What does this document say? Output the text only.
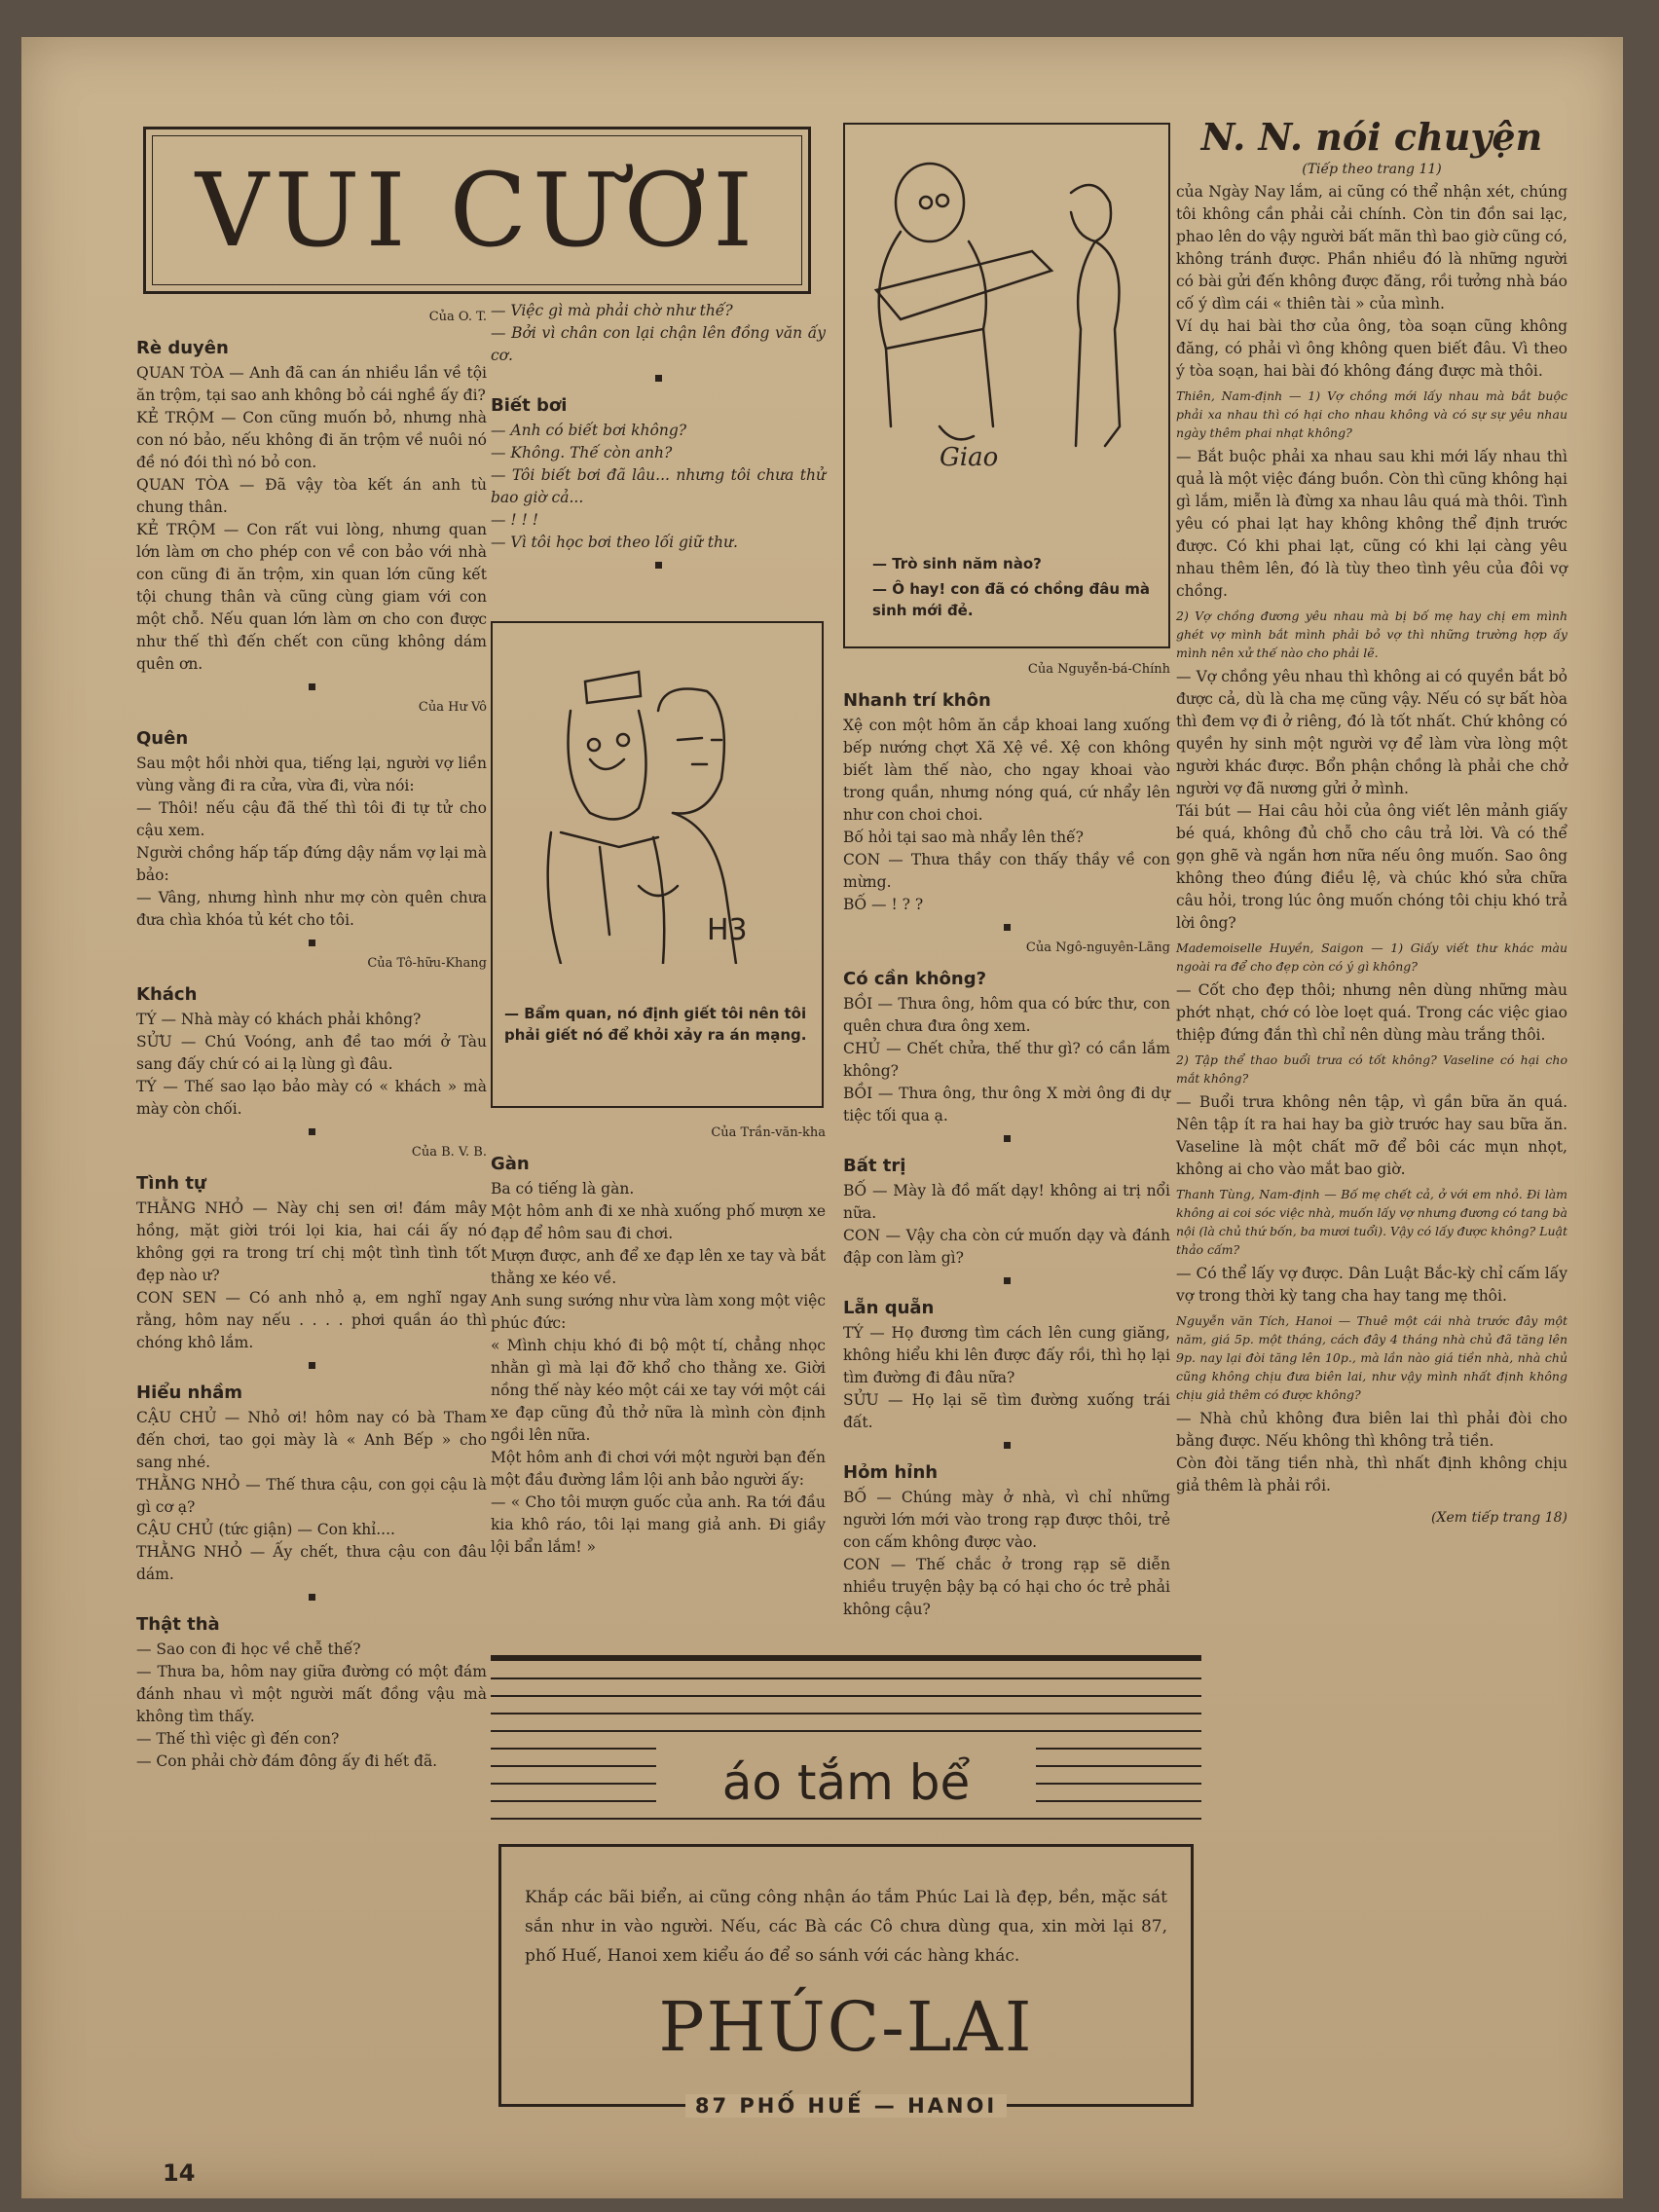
VUI CƯƠI
Của O. T.
Rè duyên

QUAN TÒA — Anh đã can án nhiều lần về tội ăn trộm, tại sao anh không bỏ cái nghề ấy đi?

KẺ TRỘM — Con cũng muốn bỏ, nhưng nhà con nó bảo, nếu không đi ăn trộm về nuôi nó đề nó đói thì nó bỏ con.

QUAN TÒA — Đã vậy tòa kết án anh tù chung thân.

KẺ TRỘM — Con rất vui lòng, nhưng quan lớn làm ơn cho phép con về con bảo với nhà con cũng đi ăn trộm, xin quan lớn cũng kết tội chung thân và cũng cùng giam với con một chỗ. Nếu quan lớn làm ơn cho con được như thế thì đến chết con cũng không dám quên ơn.

Của Hư Vô
Quên

Sau một hồi nhời qua, tiếng lại, người vợ liền vùng vằng đi ra cửa, vừa đi, vừa nói:

— Thôi! nếu cậu đã thế thì tôi đi tự tử cho cậu xem.

Người chồng hấp tấp đứng dậy nắm vợ lại mà bảo:

— Vâng, nhưng hình như mợ còn quên chưa đưa chìa khóa tủ két cho tôi.

Của Tô-hữu-Khang
Khách

TÝ — Nhà mày có khách phải không?

SỬU — Chú Voóng, anh đề tao mới ở Tàu sang đấy chứ có ai lạ lùng gì đâu.

TÝ — Thế sao lạo bảo mày có « khách » mà mày còn chối.

Của B. V. B.
Tình tự

THẰNG NHỎ — Này chị sen ơi! đám mây hồng, mặt giời trói lọi kia, hai cái ấy nó không gợi ra trong trí chị một tình tình tốt đẹp nào ư?

CON SEN — Có anh nhỏ ạ, em nghĩ ngay rằng, hôm nay nếu . . . . phơi quần áo thì chóng khô lắm.

Hiểu nhầm

CẬU CHỦ — Nhỏ ơi! hôm nay có bà Tham đến chơi, tao gọi mày là « Anh Bếp » cho sang nhé.

THẰNG NHỎ — Thế thưa cậu, con gọi cậu là gì cơ ạ?

CẬU CHỦ (tức giận) — Con khỉ....

THẰNG NHỎ — Ấy chết, thưa cậu con đâu dám.

Thật thà

— Sao con đi học về chễ thế?

— Thưa ba, hôm nay giữa đường có một đám đánh nhau vì một người mất đồng vậu mà không tìm thấy.

— Thế thì việc gì đến con?

— Con phải chờ đám đông ấy đi hết đã.

— Việc gì mà phải chờ như thế?

— Bởi vì chân con lại chận lên đồng văn ấy cơ.

Biết bơi

— Anh có biết bơi không?

— Không. Thế còn anh?

— Tôi biết bơi đã lâu... nhưng tôi chưa thử bao giờ cả...

— ! ! !

— Vì tôi học bơi theo lối giữ thư.

H3
— Bẩm quan, nó định giết tôi nên tôi phải giết nó để khỏi xảy ra án mạng.
Của Trần-văn-kha
Gàn

Ba có tiếng là gàn.

Một hôm anh đi xe nhà xuống phố mượn xe đạp để hôm sau đi chơi.

Mượn được, anh để xe đạp lên xe tay và bắt thằng xe kéo về.

Anh sung sướng như vừa làm xong một việc phúc đức:

« Mình chịu khó đi bộ một tí, chẳng nhọc nhằn gì mà lại đỡ khổ cho thằng xe. Giời nồng thế này kéo một cái xe tay với một cái xe đạp cũng đủ thở nữa là mình còn định ngồi lên nữa.

Một hôm anh đi chơi với một người bạn đến một đầu đường lầm lội anh bảo người ấy:

— « Cho tôi mượn guốc của anh. Ra tới đầu kia khô ráo, tôi lại mang giả anh. Đi giầy lội bẩn lắm! »

Giao
— Trò sinh năm nào?
— Ô hay! con đã có chồng đâu mà sinh mới đẻ.
Của Nguyễn-bá-Chính
Nhanh trí khôn

Xệ con một hôm ăn cắp khoai lang xuống bếp nướng chợt Xã Xệ về. Xệ con không biết làm thế nào, cho ngay khoai vào trong quần, nhưng nóng quá, cứ nhẩy lên như con choi choi.

Bố hỏi tại sao mà nhẩy lên thế?

CON — Thưa thầy con thấy thầy về con mừng.

BỐ — ! ? ?

Của Ngô-nguyên-Lãng
Có cần không?

BỒI — Thưa ông, hôm qua có bức thư, con quên chưa đưa ông xem.

CHỦ — Chết chửa, thế thư gì? có cần lắm không?

BỒI — Thưa ông, thư ông X mời ông đi dự tiệc tối qua ạ.

Bất trị

BỐ — Mày là đồ mất dạy! không ai trị nổi nữa.

CON — Vậy cha còn cứ muốn dạy và đánh đập con làm gì?

Lẵn quẵn

TÝ — Họ đương tìm cách lên cung giăng, không hiểu khi lên được đấy rồi, thì họ lại tìm đường đi đâu nữa?

SỬU — Họ lại sẽ tìm đường xuống trái đất.

Hỏm hỉnh

BỐ — Chúng mày ở nhà, vì chỉ những người lớn mới vào trong rạp được thôi, trẻ con cấm không được vào.

CON — Thế chắc ở trong rạp sẽ diễn nhiều truyện bậy bạ có hại cho óc trẻ phải không cậu?

N. N. nói chuyện

(Tiếp theo trang 11)

của Ngày Nay lắm, ai cũng có thể nhận xét, chúng tôi không cần phải cải chính. Còn tin đồn sai lạc, phao lên do vậy người bất mãn thì bao giờ cũng có, không tránh được. Phần nhiều đó là những người có bài gửi đến không được đăng, rồi tưởng nhà báo cố ý dìm cái « thiên tài » của mình.

Ví dụ hai bài thơ của ông, tòa soạn cũng không đăng, có phải vì ông không quen biết đâu. Vì theo ý tòa soạn, hai bài đó không đáng được mà thôi.

Thiên, Nam-định — 1) Vợ chồng mới lấy nhau mà bắt buộc phải xa nhau thì có hại cho nhau không và có sự sự yêu nhau ngày thêm phai nhạt không?

— Bắt buộc phải xa nhau sau khi mới lấy nhau thì quả là một việc đáng buồn. Còn thì cũng không hại gì lắm, miễn là đừng xa nhau lâu quá mà thôi. Tình yêu có phai lạt hay không không thể định trước được. Có khi phai lạt, cũng có khi lại càng yêu nhau thêm lên, đó là tùy theo tình yêu của đôi vợ chồng.

2) Vợ chồng đương yêu nhau mà bị bố mẹ hay chị em mình ghét vợ mình bắt mình phải bỏ vợ thì những trường hợp ấy mình nên xử thế nào cho phải lẽ.

— Vợ chồng yêu nhau thì không ai có quyền bắt bỏ được cả, dù là cha mẹ cũng vậy. Nếu có sự bất hòa thì đem vợ đi ở riêng, đó là tốt nhất. Chứ không có quyền hy sinh một người vợ để làm vừa lòng một người khác được. Bổn phận chồng là phải che chở người vợ đã nương gửi ở mình.

Tái bút — Hai câu hỏi của ông viết lên mảnh giấy bé quá, không đủ chỗ cho câu trả lời. Và có thể gọn ghẽ và ngắn hơn nữa nếu ông muốn. Sao ông không theo đúng điều lệ, và chúc khó sửa chữa câu hỏi, trong lúc ông muốn chóng tôi chịu khó trả lời ông?

Mademoiselle Huyền, Saigon — 1) Giấy viết thư khác màu ngoài ra để cho đẹp còn có ý gì không?

— Cốt cho đẹp thôi; nhưng nên dùng những màu phớt nhạt, chớ có lòe loẹt quá. Trong các việc giao thiệp đứng đắn thì chỉ nên dùng màu trắng thôi.

2) Tập thể thao buổi trưa có tốt không? Vaseline có hại cho mắt không?

— Buổi trưa không nên tập, vì gần bữa ăn quá. Nên tập ít ra hai hay ba giờ trước hay sau bữa ăn. Vaseline là một chất mỡ để bôi các mụn nhọt, không ai cho vào mắt bao giờ.

Thanh Tùng, Nam-định — Bố mẹ chết cả, ở với em nhỏ. Đi làm không ai coi sóc việc nhà, muốn lấy vợ nhưng đương có tang bà nội (là chủ thứ bốn, ba mươi tuổi). Vậy có lấy được không? Luật thảo cấm?

— Có thể lấy vợ được. Dân Luật Bắc-kỳ chỉ cấm lấy vợ trong thời kỳ tang cha hay tang mẹ thôi.

Nguyễn văn Tích, Hanoi — Thuê một cái nhà trước đây một năm, giá 5p. một tháng, cách đây 4 tháng nhà chủ đã tăng lên 9p. nay lại đòi tăng lên 10p., mà lần nào giá tiền nhà, nhà chủ cũng không chịu đưa biên lai, như vậy mình nhất định không chịu giả thêm có được không?

— Nhà chủ không đưa biên lai thì phải đòi cho bằng được. Nếu không thì không trả tiền.

Còn đòi tăng tiền nhà, thì nhất định không chịu giả thêm là phải rồi.

(Xem tiếp trang 18)

áo tắm bể

Khắp các bãi biển, ai cũng công nhận áo tắm Phúc Lai là đẹp, bền, mặc sát sắn như in vào người. Nếu, các Bà các Cô chưa dùng qua, xin mời lại 87, phố Huế, Hanoi xem kiểu áo để so sánh với các hàng khác.

PHÚC-LAI
87 PHỐ HUẾ — HANOI
14
